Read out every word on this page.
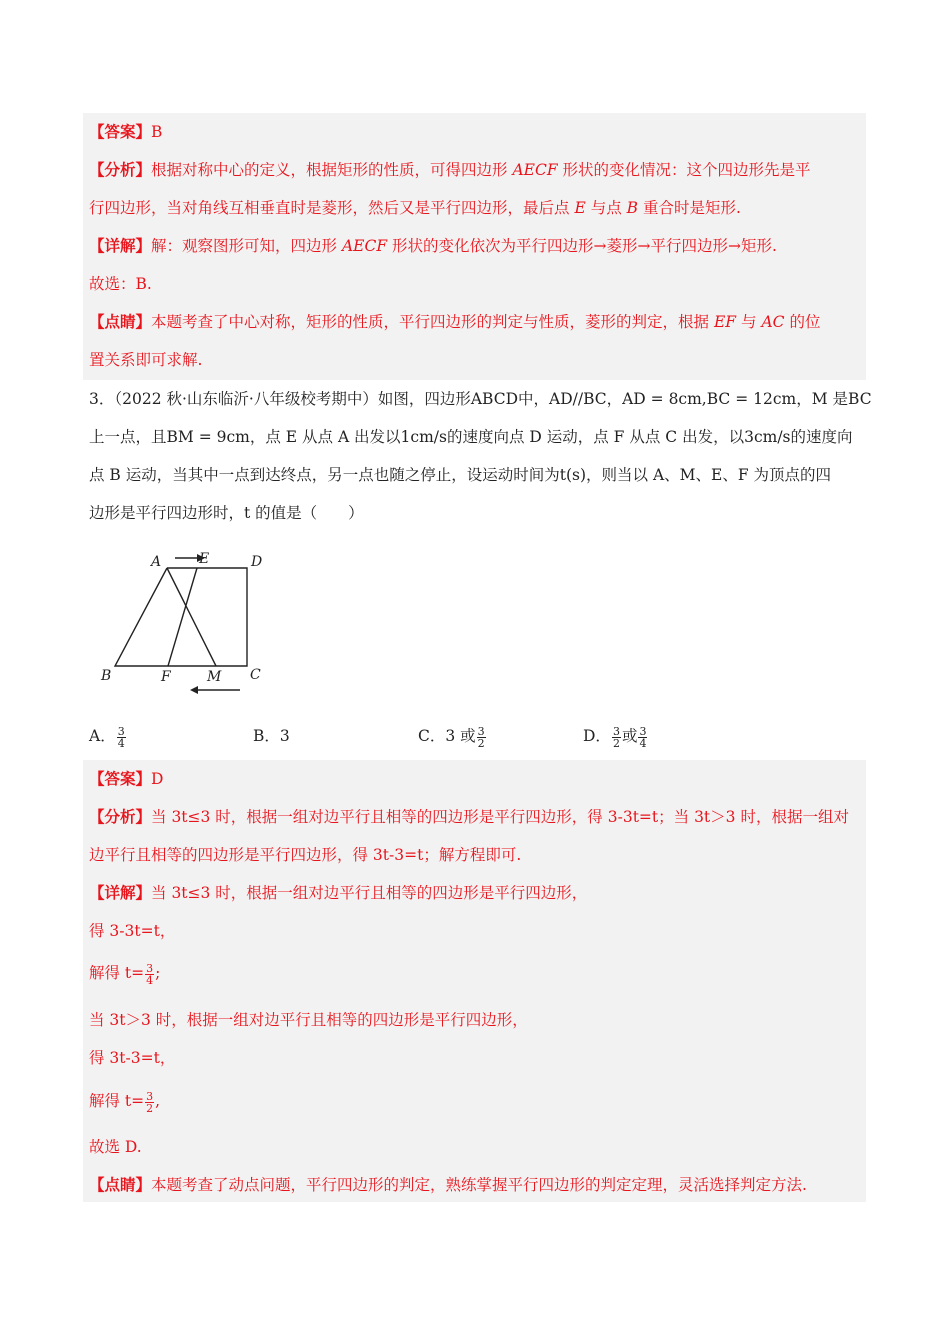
【答案】B
【分析】根据对称中心的定义，根据矩形的性质，可得四边形 AECF 形状的变化情况：这个四边形先是平
行四边形，当对角线互相垂直时是菱形，然后又是平行四边形，最后点 E 与点 B 重合时是矩形.
【详解】解：观察图形可知，四边形 AECF 形状的变化依次为平行四边形→菱形→平行四边形→矩形.
故选：B.
【点睛】本题考查了中心对称，矩形的性质，平行四边形的判定与性质，菱形的判定，根据 EF 与 AC 的位
置关系即可求解.
3．（2022 秋·山东临沂·八年级校考期中）如图，四边形ABCD中，AD//BC，AD = 8cm,BC = 12cm，M 是BC
上一点，且BM = 9cm，点 E 从点 A 出发以1cm/s的速度向点 D 运动，点 F 从点 C 出发，以3cm/s的速度向
点 B 运动，当其中一点到达终点，另一点也随之停止，设运动时间为t(s)，则当以 A、M、E、F 为顶点的四
边形是平行四边形时，t 的值是（　　）
A	E	D
B	F	M C
A． $\frac{3}{4}$	B．3	C．3 或 $\frac{3}{2}$	D． $\frac{3}{2}$ 或 $\frac{3}{4}$
【答案】D
【分析】当 3t≤3 时，根据一组对边平行且相等的四边形是平行四边形，得 3-3t=t；当 3t＞3 时，根据一组对
边平行且相等的四边形是平行四边形，得 3t-3=t；解方程即可.
【详解】当 3t≤3 时，根据一组对边平行且相等的四边形是平行四边形，
得 3-3t=t，
解得 $t= \frac{3}{4}$ ;
当 3t＞3 时，根据一组对边平行且相等的四边形是平行四边形，
得 3t-3=t，
解得 $t= \frac{3}{2}$ ,
故选 D.
【点睛】本题考查了动点问题，平行四边形的判定，熟练掌握平行四边形的判定定理，灵活选择判定方法.
